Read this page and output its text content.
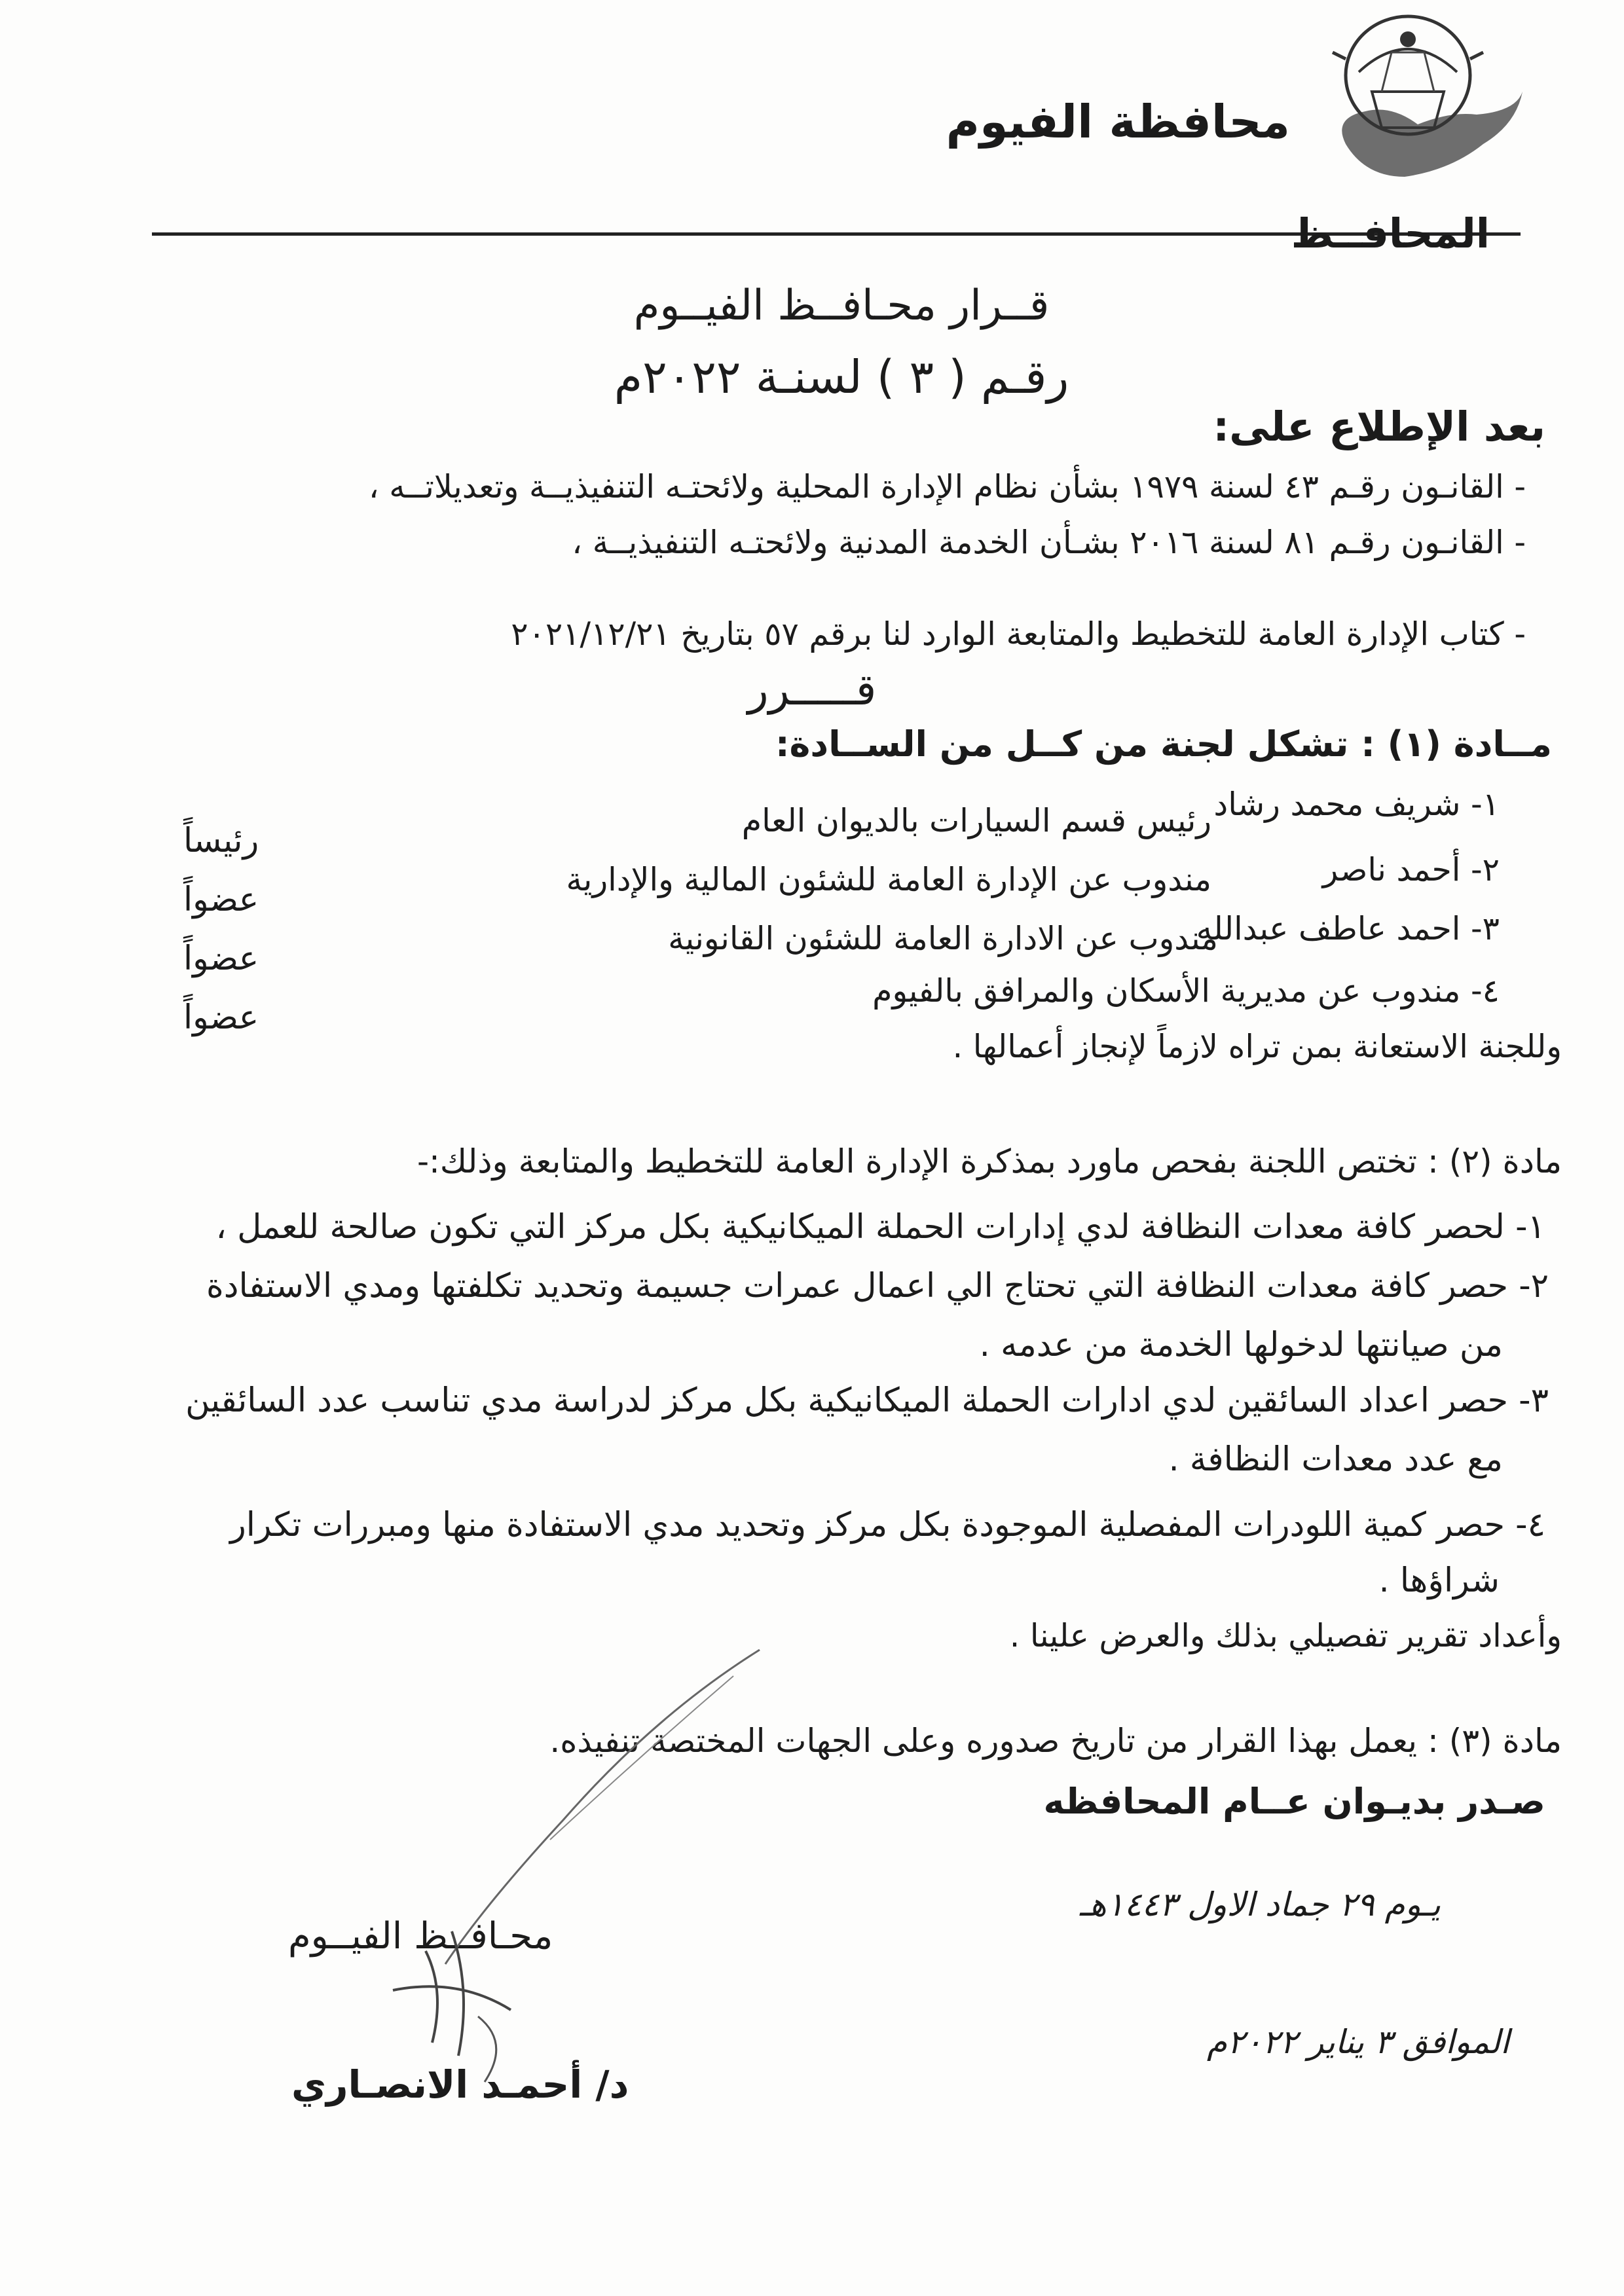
محافظة الفيوم
المحافــظ
قــرار محـافــظ الفيــوم
رقـم ( ٣ ) لسنـة ٢٠٢٢م
بعد الإطلاع على:
- القانـون رقـم ٤٣ لسنة ١٩٧٩ بشأن نظام الإدارة المحلية ولائحتـه التنفيذيــة وتعديلاتــه ،
- القانـون رقـم ٨١ لسنة ٢٠١٦ بشـأن الخدمة المدنية ولائحتـه التنفيذيــة ،
- كتاب الإدارة العامة للتخطيط والمتابعة الوارد لنا برقم ٥٧ بتاريخ ٢٠٢١/١٢/٢١
قـــــرر
مــادة (١) : تشكل لجنة من كــل من الســادة:
١- شريف محمد رشاد
رئيس قسم السيارات بالديوان العام
٢- أحمد ناصر
مندوب عن الإدارة العامة للشئون المالية والإدارية
٣- احمد عاطف عبدالله
مندوب عن الادارة العامة للشئون القانونية
٤- مندوب عن مديرية الأسكان والمرافق بالفيوم
رئيساً
عضواً
عضواً
عضواً
وللجنة الاستعانة بمن تراه لازماً لإنجاز أعمالها .
مادة (٢) : تختص اللجنة بفحص ماورد بمذكرة الإدارة العامة للتخطيط والمتابعة وذلك:-
١- لحصر كافة معدات النظافة لدي إدارات الحملة الميكانيكية بكل مركز التي تكون صالحة للعمل ،
٢- حصر كافة معدات النظافة التي تحتاج الي اعمال عمرات جسيمة وتحديد تكلفتها ومدي الاستفادة
من صيانتها لدخولها الخدمة من عدمه .
٣- حصر اعداد السائقين لدي ادارات الحملة الميكانيكية بكل مركز لدراسة مدي تناسب عدد السائقين
مع عدد معدات النظافة .
٤- حصر كمية اللودرات المفصلية الموجودة بكل مركز وتحديد مدي الاستفادة منها ومبررات تكرار
شراؤها .
وأعداد تقرير تفصيلي بذلك والعرض علينا .
مادة (٣) : يعمل بهذا القرار من تاريخ صدوره وعلى الجهات المختصة تنفيذه.
صـدر بديـوان عــام المحافظه
يـوم ٢٩ جماد الاول ١٤٤٣هـ
الموافق ٣ يناير ٢٠٢٢م
محـافــظ الفيــوم
د/ أحمـد الانصـاري
